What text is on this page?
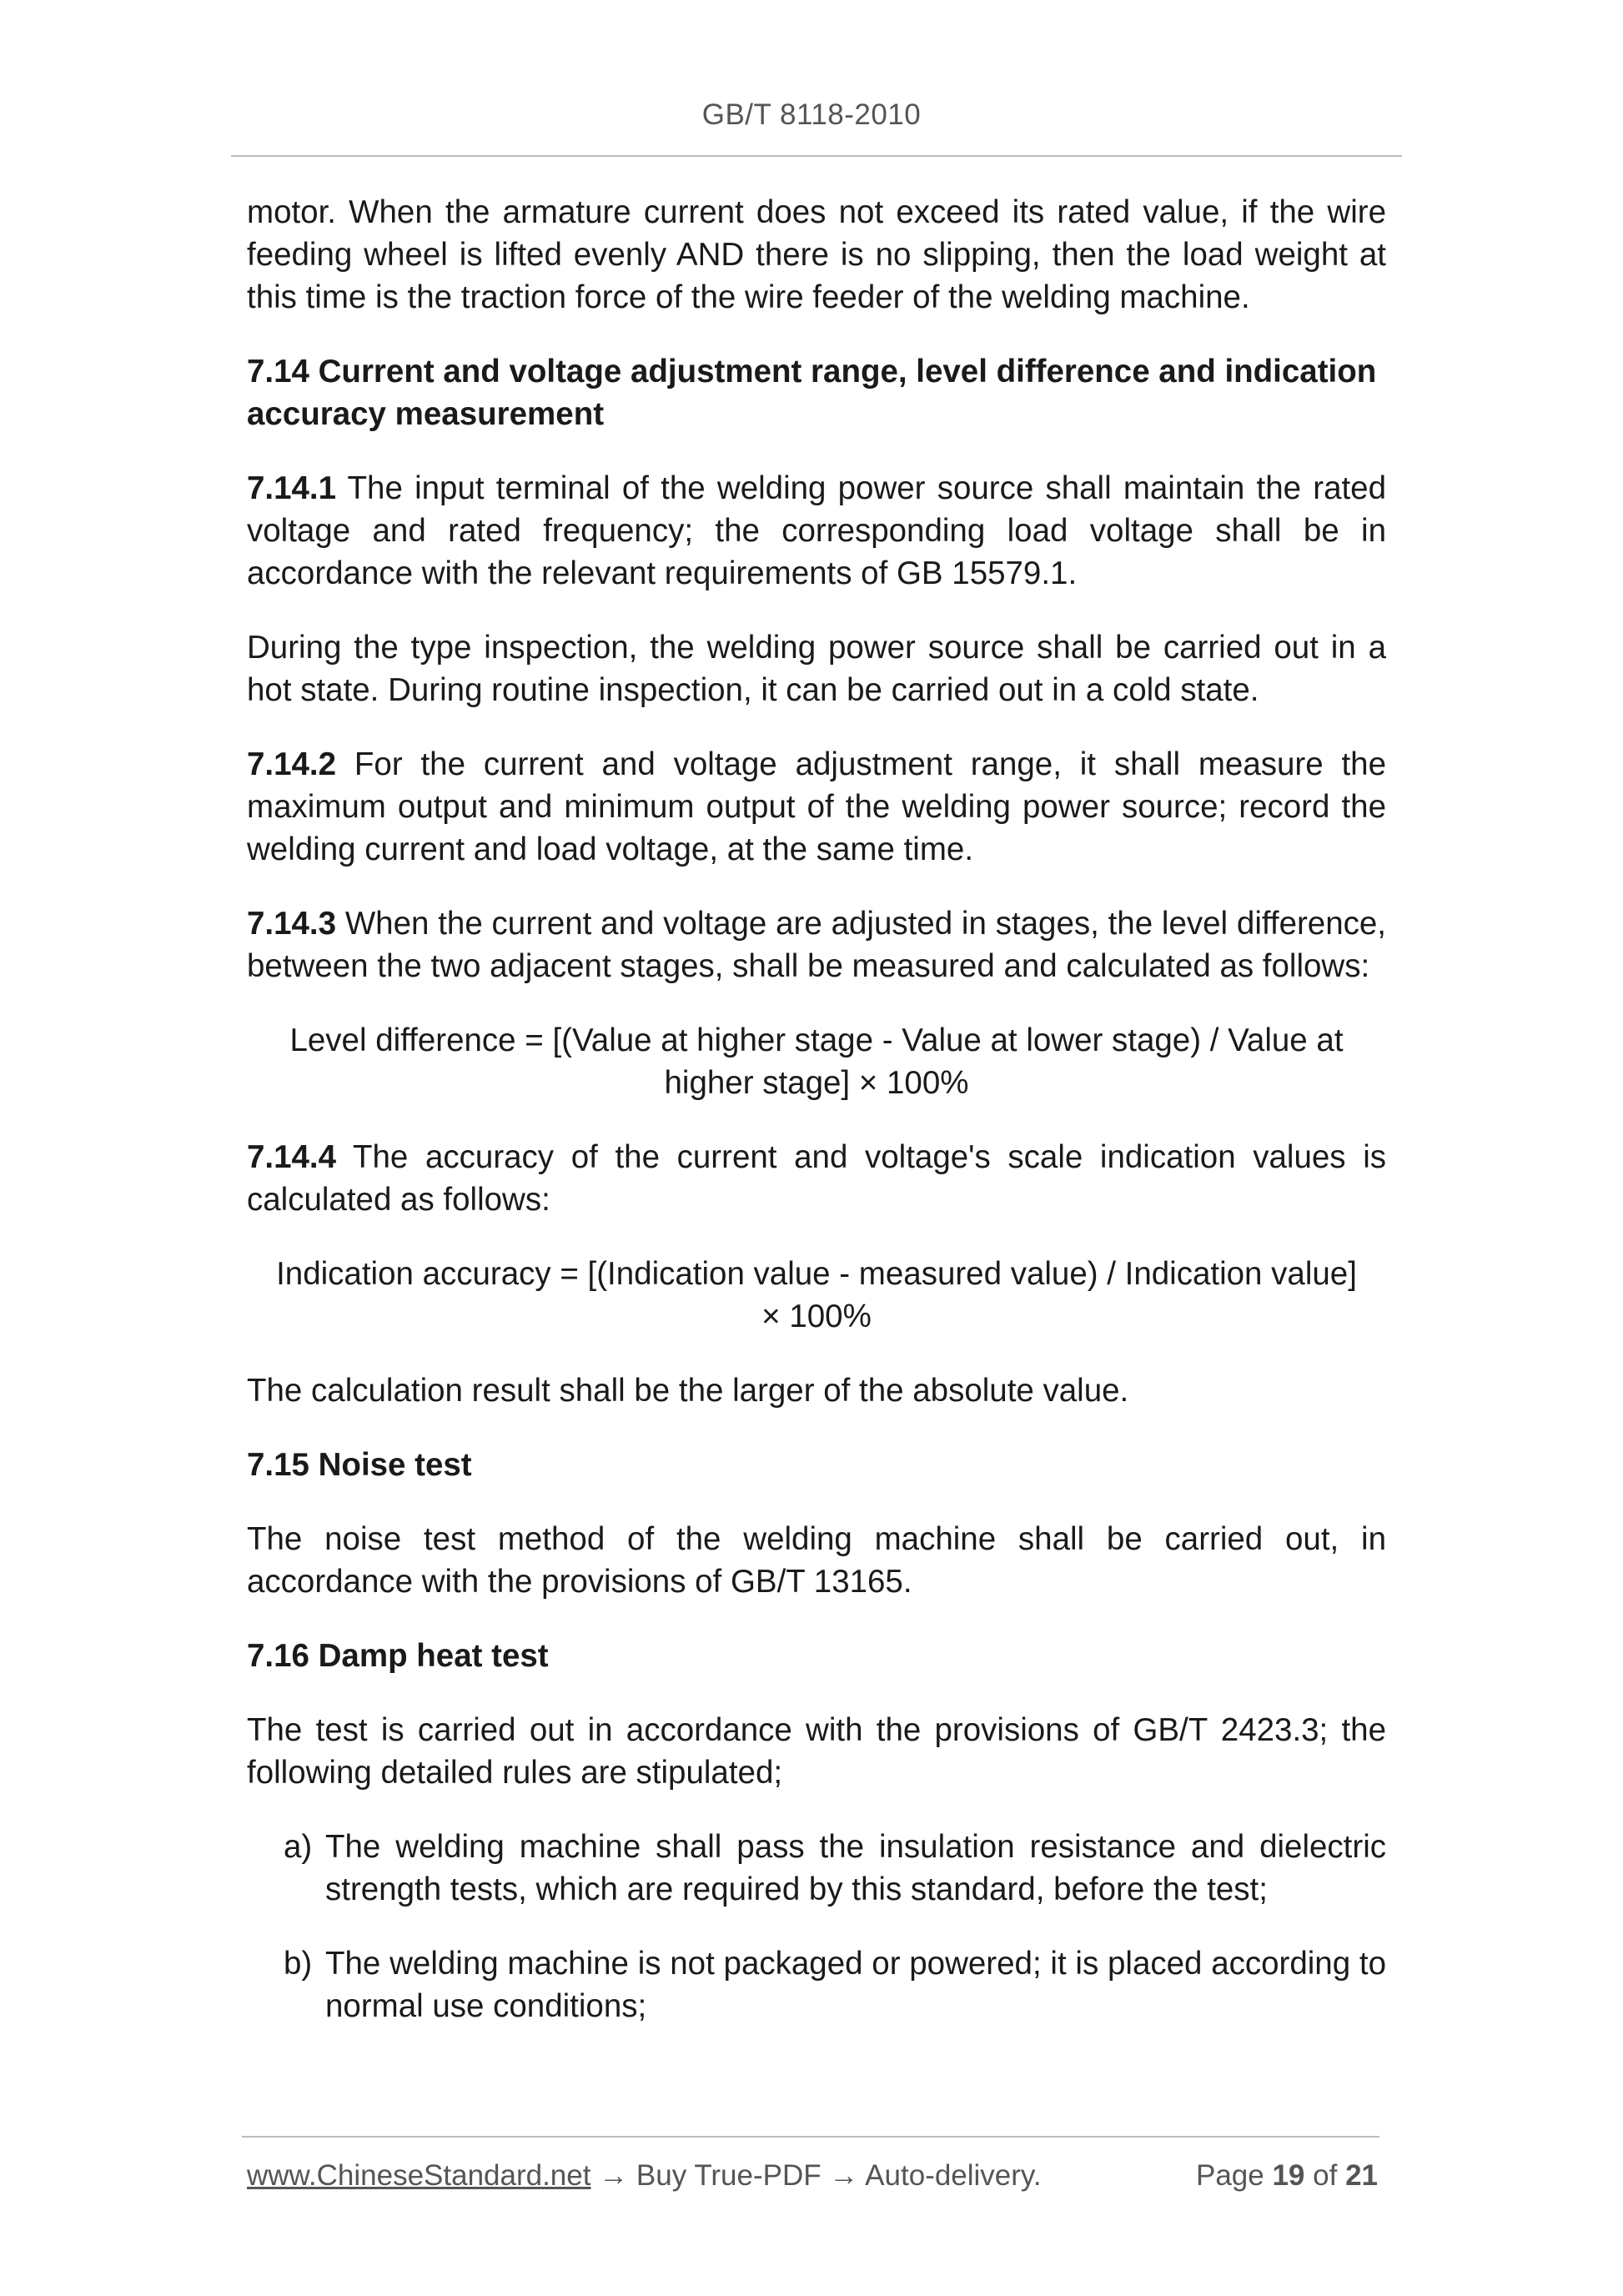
GB/T 8118-2010

motor. When the armature current does not exceed its rated value, if the wire feeding wheel is lifted evenly AND there is no slipping, then the load weight at this time is the traction force of the wire feeder of the welding machine.

7.14 Current and voltage adjustment range, level difference and indication accuracy measurement

7.14.1 The input terminal of the welding power source shall maintain the rated voltage and rated frequency; the corresponding load voltage shall be in accordance with the relevant requirements of GB 15579.1.

During the type inspection, the welding power source shall be carried out in a hot state. During routine inspection, it can be carried out in a cold state.

7.14.2 For the current and voltage adjustment range, it shall measure the maximum output and minimum output of the welding power source; record the welding current and load voltage, at the same time.

7.14.3 When the current and voltage are adjusted in stages, the level difference, between the two adjacent stages, shall be measured and calculated as follows:

Level difference = [(Value at higher stage - Value at lower stage) / Value at higher stage] × 100%

7.14.4 The accuracy of the current and voltage's scale indication values is calculated as follows:

Indication accuracy = [(Indication value - measured value) / Indication value] × 100%

The calculation result shall be the larger of the absolute value.

7.15 Noise test

The noise test method of the welding machine shall be carried out, in accordance with the provisions of GB/T 13165.

7.16 Damp heat test

The test is carried out in accordance with the provisions of GB/T 2423.3; the following detailed rules are stipulated;

a) The welding machine shall pass the insulation resistance and dielectric strength tests, which are required by this standard, before the test;
b) The welding machine is not packaged or powered; it is placed according to normal use conditions;
www.ChineseStandard.net → Buy True-PDF → Auto-delivery.	Page 19 of 21
